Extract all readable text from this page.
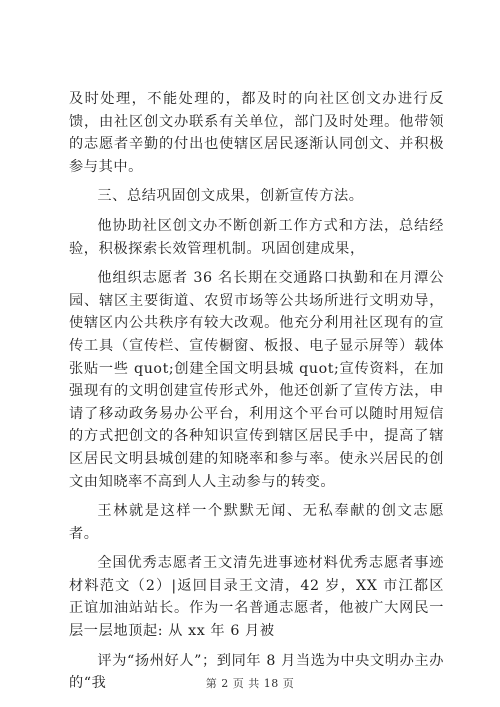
及时处理，不能处理的，都及时的向社区创文办进行反馈，由社区创文办联系有关单位，部门及时处理。他带领的志愿者辛勤的付出也使辖区居民逐渐认同创文、并积极参与其中。

三、总结巩固创文成果，创新宣传方法。

他协助社区创文办不断创新工作方式和方法，总结经验，积极探索长效管理机制。巩固创建成果，

他组织志愿者 36 名长期在交通路口执勤和在月潭公园、辖区主要街道、农贸市场等公共场所进行文明劝导，使辖区内公共秩序有较大改观。他充分利用社区现有的宣传工具（宣传栏、宣传橱窗、板报、电子显示屏等）载体张贴一些 quot;创建全国文明县城 quot;宣传资料，在加强现有的文明创建宣传形式外，他还创新了宣传方法，申请了移动政务易办公平台，利用这个平台可以随时用短信的方式把创文的各种知识宣传到辖区居民手中，提高了辖区居民文明县城创建的知晓率和参与率。使永兴居民的创文由知晓率不高到人人主动参与的转变。

王林就是这样一个默默无闻、无私奉献的创文志愿者。

全国优秀志愿者王文清先进事迹材料优秀志愿者事迹材料范文（2）|返回目录王文清，42 岁，XX 市江都区正谊加油站站长。作为一名普通志愿者，他被广大网民一层一层地顶起: 从 xx 年 6 月被

评为“扬州好人”；到同年 8 月当选为中央文明办主办的“我	第 2 页 共 18 页
